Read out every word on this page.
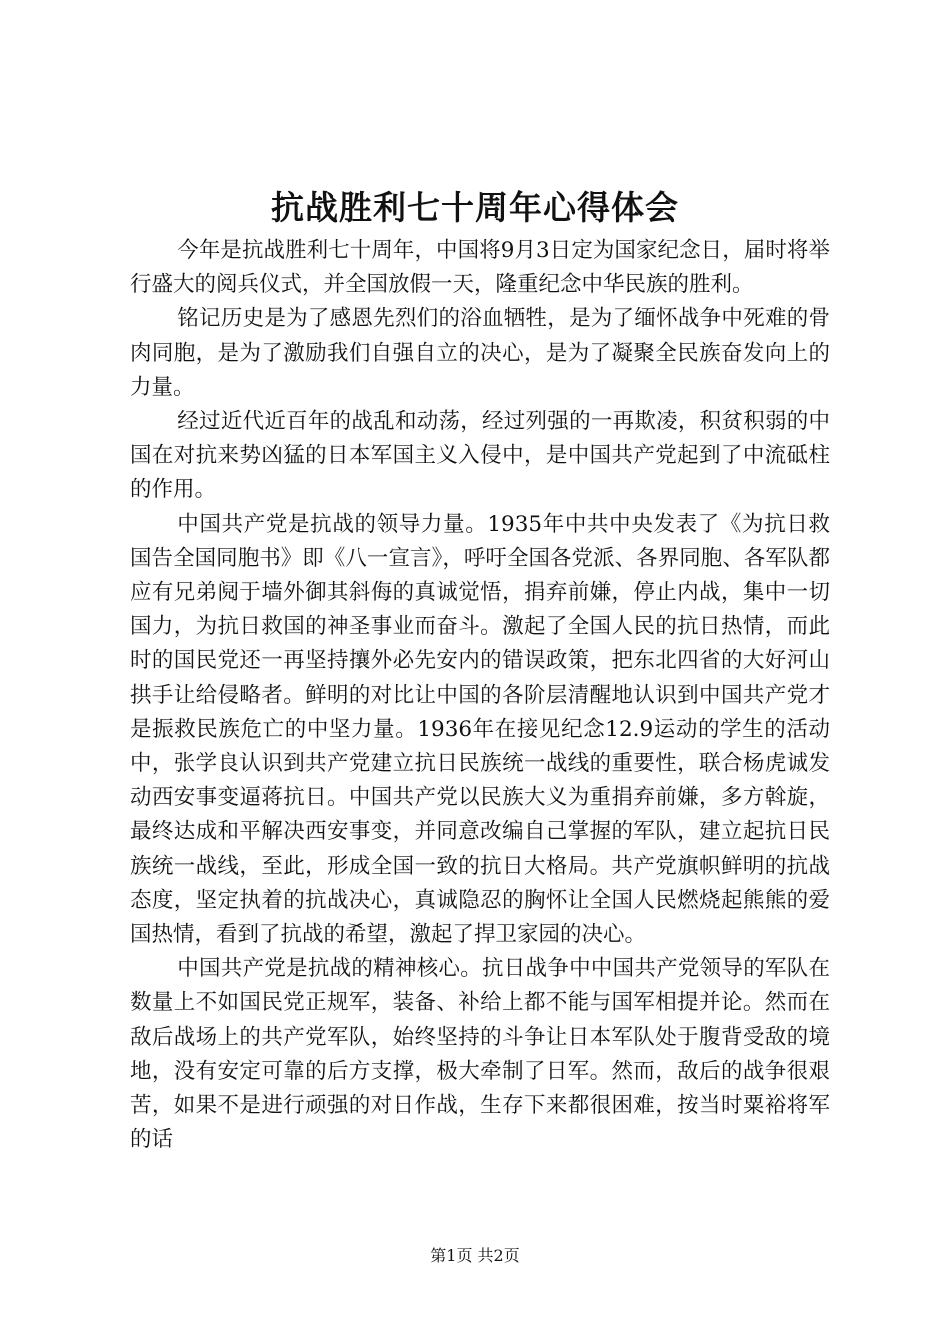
抗战胜利七十周年心得体会

今年是抗战胜利七十周年，中国将9月3日定为国家纪念日，届时将举行盛大的阅兵仪式，并全国放假一天，隆重纪念中华民族的胜利。

铭记历史是为了感恩先烈们的浴血牺牲，是为了缅怀战争中死难的骨肉同胞，是为了激励我们自强自立的决心，是为了凝聚全民族奋发向上的力量。

经过近代近百年的战乱和动荡，经过列强的一再欺凌，积贫积弱的中国在对抗来势凶猛的日本军国主义入侵中，是中国共产党起到了中流砥柱的作用。

中国共产党是抗战的领导力量。1935年中共中央发表了《为抗日救国告全国同胞书》即《八一宣言》，呼吁全国各党派、各界同胞、各军队都应有兄弟阋于墙外御其斜侮的真诚觉悟，捐弃前嫌，停止内战，集中一切国力，为抗日救国的神圣事业而奋斗。激起了全国人民的抗日热情，而此时的国民党还一再坚持攘外必先安内的错误政策，把东北四省的大好河山拱手让给侵略者。鲜明的对比让中国的各阶层清醒地认识到中国共产党才是振救民族危亡的中坚力量。1936年在接见纪念12.9运动的学生的活动中，张学良认识到共产党建立抗日民族统一战线的重要性，联合杨虎诚发动西安事变逼蒋抗日。中国共产党以民族大义为重捐弃前嫌，多方斡旋，最终达成和平解决西安事变，并同意改编自己掌握的军队，建立起抗日民族统一战线，至此，形成全国一致的抗日大格局。共产党旗帜鲜明的抗战态度，坚定执着的抗战决心，真诚隐忍的胸怀让全国人民燃烧起熊熊的爱国热情，看到了抗战的希望，激起了捍卫家园的决心。

中国共产党是抗战的精神核心。抗日战争中中国共产党领导的军队在数量上不如国民党正规军，装备、补给上都不能与国军相提并论。然而在敌后战场上的共产党军队，始终坚持的斗争让日本军队处于腹背受敌的境地，没有安定可靠的后方支撑，极大牵制了日军。然而，敌后的战争很艰苦，如果不是进行顽强的对日作战，生存下来都很困难，按当时粟裕将军的话

第1页 共2页
